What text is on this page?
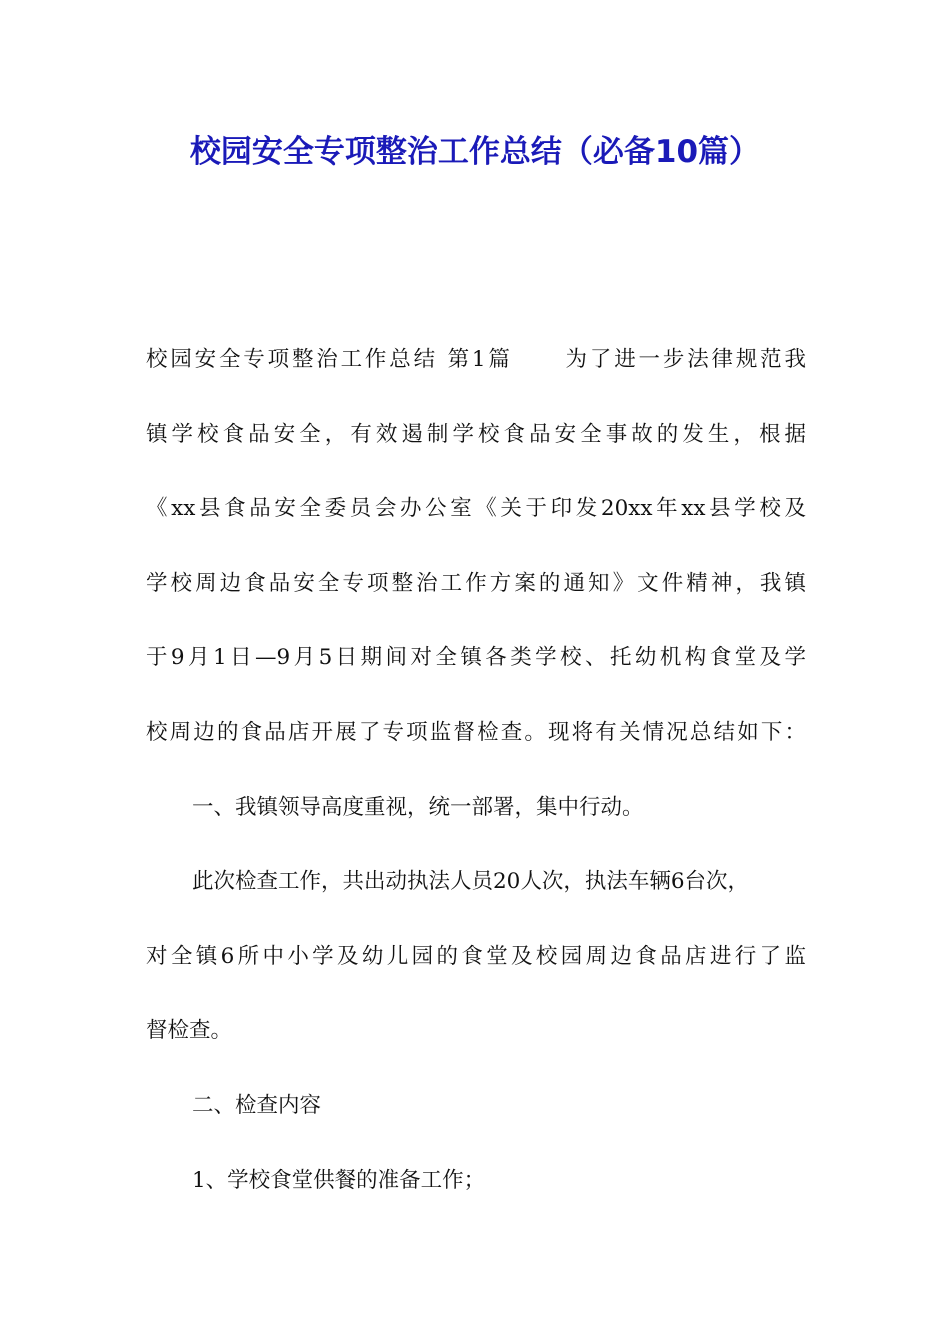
校园安全专项整治工作总结（必备10篇）
校园安全专项整治工作总结 第1篇 为了进一步法律规范我
镇学校食品安全，有效遏制学校食品安全事故的发生，根据
《xx县食品安全委员会办公室《关于印发20xx年xx县学校及
学校周边食品安全专项整治工作方案的通知》文件精神，我镇
于9月1日—9月5日期间对全镇各类学校、托幼机构食堂及学
校周边的食品店开展了专项监督检查。现将有关情况总结如下：
一、我镇领导高度重视，统一部署，集中行动。
此次检查工作，共出动执法人员20人次，执法车辆6台次，
对全镇6所中小学及幼儿园的食堂及校园周边食品店进行了监
督检查。
二、检查内容
1、学校食堂供餐的准备工作；
